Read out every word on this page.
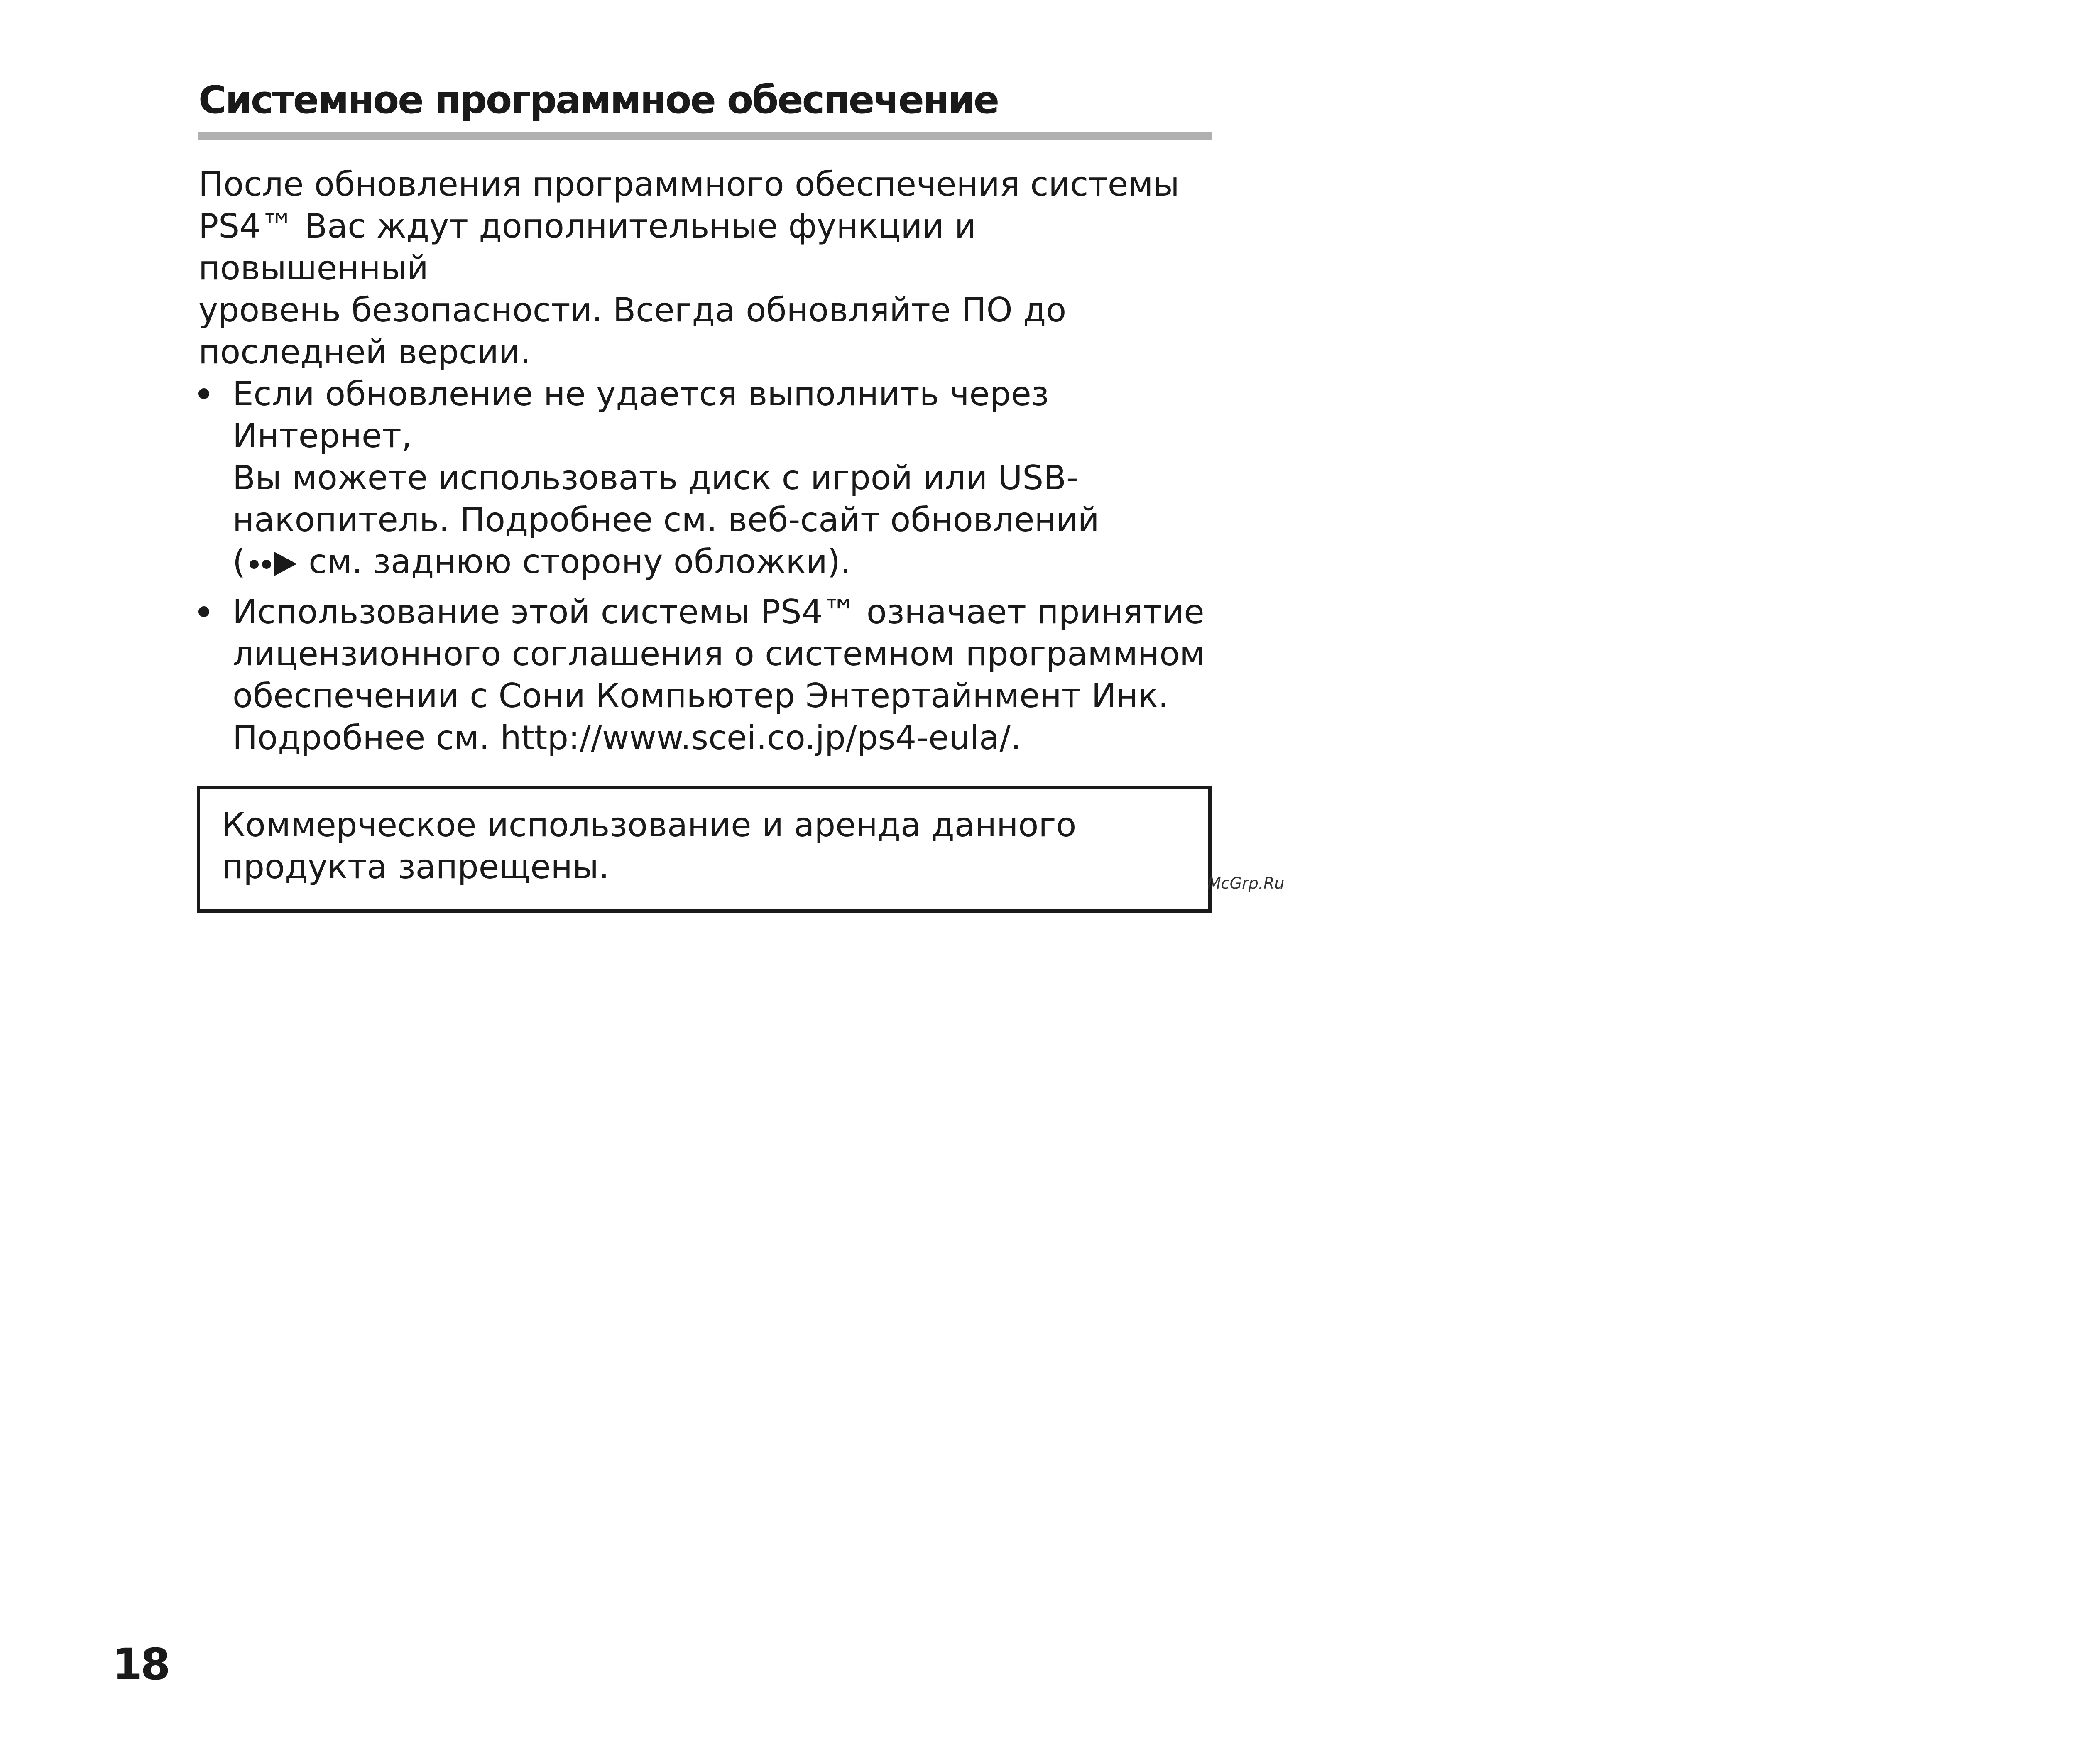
Системное программное обеспечение

После обновления программного обеспечения системы
PS4™ Вас ждут дополнительные функции и повышенный
уровень безопасности. Всегда обновляйте ПО до
последней версии.

Если обновление не удается выполнить через Интернет,
Вы можете использовать диск с игрой или USB-
накопитель. Подробнее см. веб-сайт обновлений
( см. заднюю сторону обложки).
Использование этой системы PS4™ означает принятие
лицензионного соглашения о системном программном
обеспечении с Сони Компьютер Энтертайнмент Инк.
Подробнее см. http://www.scei.co.jp/ps4-eula/.
Коммерческое использование и аренда данного
продукта запрещены.	McGrp.Ru
18
